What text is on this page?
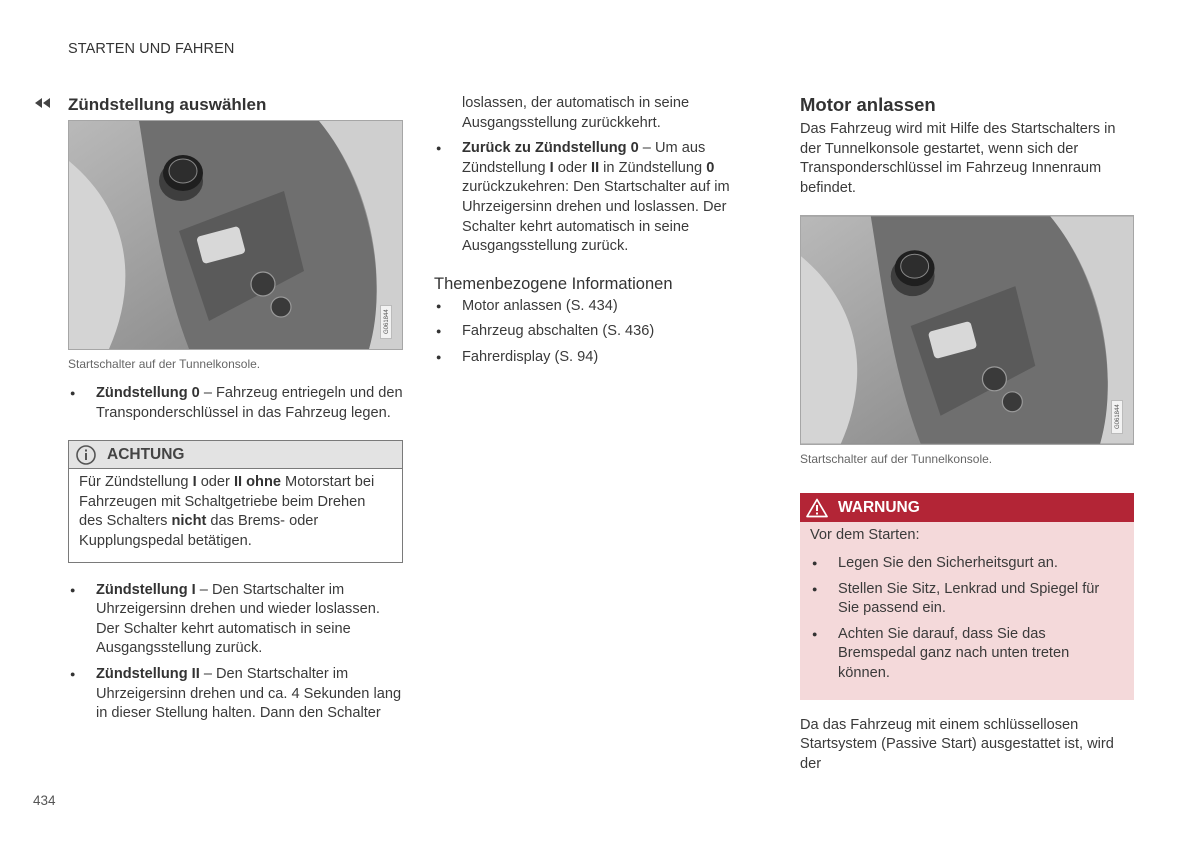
STARTEN UND FAHREN
Zündstellung auswählen
G061844
Startschalter auf der Tunnelkonsole.
● Zündstellung 0 – Fahrzeug entriegeln und den Transponderschlüssel in das Fahrzeug legen.
ACHTUNG
Für Zündstellung I oder II ohne Motorstart bei Fahrzeugen mit Schaltgetriebe beim Drehen des Schalters nicht das Brems- oder Kupplungspedal betätigen.
● Zündstellung I – Den Startschalter im Uhrzeigersinn drehen und wieder loslassen. Der Schalter kehrt automatisch in seine Ausgangsstellung zurück.
● Zündstellung II – Den Startschalter im Uhrzeigersinn drehen und ca. 4 Sekunden lang in dieser Stellung halten. Dann den Schalter
loslassen, der automatisch in seine Ausgangsstellung zurückkehrt.
● Zurück zu Zündstellung 0 – Um aus Zündstellung I oder II in Zündstellung 0 zurückzukehren: Den Startschalter auf im Uhrzeigersinn drehen und loslassen. Der Schalter kehrt automatisch in seine Ausgangsstellung zurück.
Themenbezogene Informationen
● Motor anlassen (S. 434)
● Fahrzeug abschalten (S. 436)
● Fahrerdisplay (S. 94)
Motor anlassen
Das Fahrzeug wird mit Hilfe des Startschalters in der Tunnelkonsole gestartet, wenn sich der Transponderschlüssel im Fahrzeug Innenraum befindet.
G061844
Startschalter auf der Tunnelkonsole.
WARNUNG
Vor dem Starten:
● Legen Sie den Sicherheitsgurt an.
● Stellen Sie Sitz, Lenkrad und Spiegel für Sie passend ein.
● Achten Sie darauf, dass Sie das Bremspedal ganz nach unten treten können.

Da das Fahrzeug mit einem schlüssellosen Startsystem (Passive Start) ausgestattet ist, wird der

434
